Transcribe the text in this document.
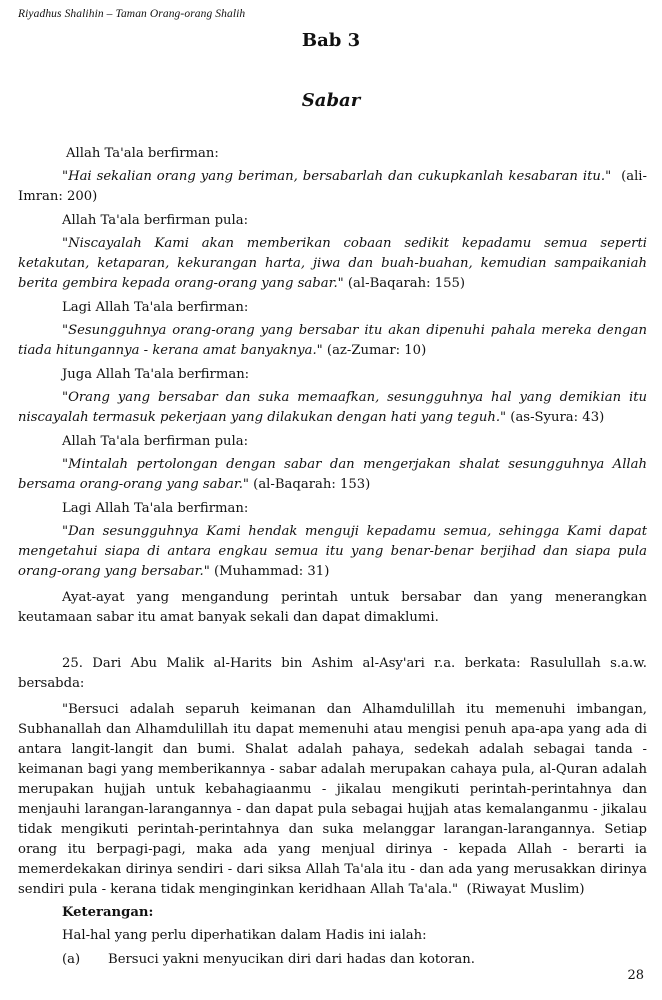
Riyadhus Shalihin – Taman Orang-orang Shalih
Bab 3
Sabar

Allah Ta'ala berfirman:

"Hai sekalian orang yang beriman, bersabarlah dan cukupkanlah kesabaran itu." (ali-Imran: 200)

Allah Ta'ala berfirman pula:

"Niscayalah Kami akan memberikan cobaan sedikit kepadamu semua seperti ketakutan, ketaparan, kekurangan harta, jiwa dan buah-buahan, kemudian sampaikaniah berita gembira kepada orang-orang yang sabar." (al-Baqarah: 155)

Lagi Allah Ta'ala berfirman:

"Sesungguhnya orang-orang yang bersabar itu akan dipenuhi pahala mereka dengan tiada hitungannya - kerana amat banyaknya." (az-Zumar: 10)

Juga Allah Ta'ala berfirman:

"Orang yang bersabar dan suka memaafkan, sesungguhnya hal yang demikian itu niscayalah termasuk pekerjaan yang dilakukan dengan hati yang teguh." (as-Syura: 43)

Allah Ta'ala berfirman pula:

"Mintalah pertolongan dengan sabar dan mengerjakan shalat sesungguhnya Allah bersama orang-orang yang sabar." (al-Baqarah: 153)

Lagi Allah Ta'ala berfirman:

"Dan sesungguhnya Kami hendak menguji kepadamu semua, sehingga Kami dapat mengetahui siapa di antara engkau semua itu yang benar-benar berjihad dan siapa pula orang-orang yang bersabar." (Muhammad: 31)

Ayat-ayat yang mengandung perintah untuk bersabar dan yang menerangkan keutamaan sabar itu amat banyak sekali dan dapat dimaklumi.

25. Dari Abu Malik al-Harits bin Ashim al-Asy'ari r.a. berkata: Rasulullah s.a.w. bersabda:

"Bersuci adalah separuh keimanan dan Alhamdulillah itu memenuhi imbangan, Subhanallah dan Alhamdulillah itu dapat memenuhi atau mengisi penuh apa-apa yang ada di antara langit-langit dan bumi. Shalat adalah pahaya, sedekah adalah sebagai tanda - keimanan bagi yang memberikannya - sabar adalah merupakan cahaya pula, al-Quran adalah merupakan hujjah untuk kebahagiaanmu - jikalau mengikuti perintah-perintahnya dan menjauhi larangan-larangannya - dan dapat pula sebagai hujjah atas kemalanganmu - jikalau tidak mengikuti perintah-perintahnya dan suka melanggar larangan-larangannya. Setiap orang itu berpagi-pagi, maka ada yang menjual dirinya - kepada Allah - berarti ia memerdekakan dirinya sendiri - dari siksa Allah Ta'ala itu - dan ada yang merusakkan dirinya sendiri pula - kerana tidak menginginkan keridhaan Allah Ta'ala." (Riwayat Muslim)

Keterangan:

Hal-hal yang perlu diperhatikan dalam Hadis ini ialah:

(a)	Bersuci yakni menyucikan diri dari hadas dan kotoran.

28
